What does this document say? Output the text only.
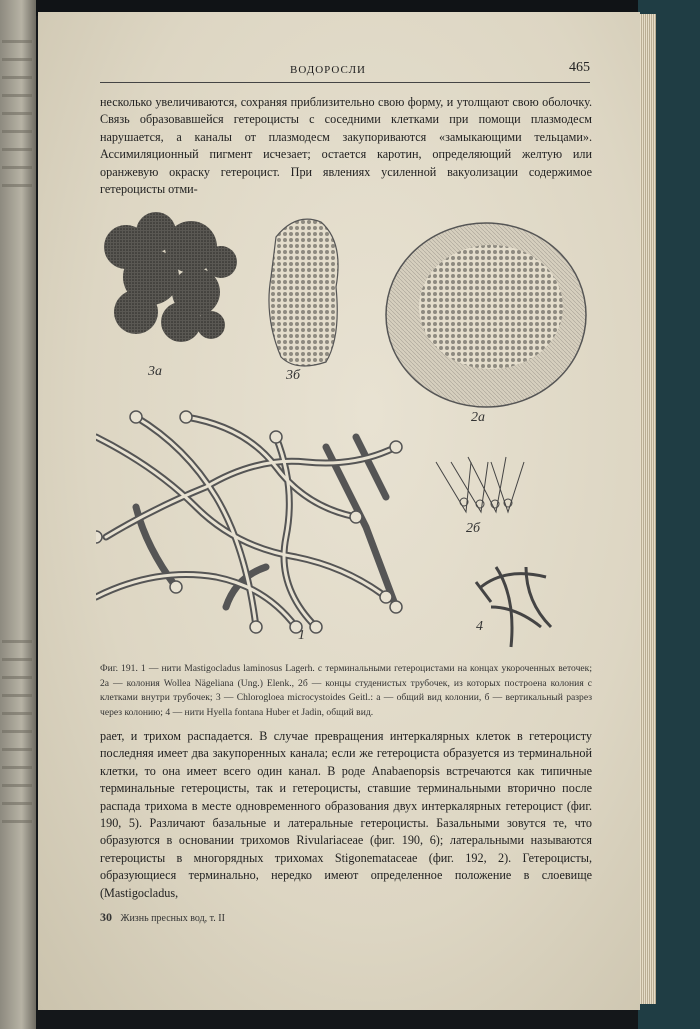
ВОДОРОСЛИ	465

несколько увеличиваются, сохраняя приблизительно свою форму, и утолщают свою оболочку. Связь образовавшейся гетероцисты с соседними клетками при помощи плазмодесм нарушается, а каналы от плазмодесм закупориваются «замыкающими тельцами». Ассимиляционный пигмент исчезает; остается каротин, определяющий желтую или оранжевую окраску гетероцист. При явлениях усиленной вакуолизации содержимое гетероцисты отми-

3а	3б
2а
2б
1
4

Фиг. 191. 1 — нити Mastigocladus laminosus Lagerh. с терминальными гетероцистами на концах укороченных веточек; 2а — колония Wollea Nägeliana (Ung.) Elenk., 2б — концы студенистых трубочек, из которых построена колония с клетками внутри трубочек; 3 — Chlorogloea microcystoides Geitl.: а — общий вид колонии, б — вертикальный разрез через колонию; 4 — нити Hyella fontana Huber et Jadin, общий вид.

рает, и трихом распадается. В случае превращения интеркалярных клеток в гетероцисту последняя имеет два закупоренных канала; если же гетероциста образуется из терминальной клетки, то она имеет всего один канал. В роде Anabaenopsis встречаются как типичные терминальные гетероцисты, так и гетероцисты, ставшие терминальными вторично после распада трихома в месте одновременного образования двух интеркалярных гетероцист (фиг. 190, 5). Различают базальные и латеральные гетероцисты. Базальными зовутся те, что образуются в основании трихомов Rivulariaceae (фиг. 190, 6); латеральными называются гетероцисты в многорядных трихомах Stigonemataceae (фиг. 192, 2). Гетероцисты, образующиеся терминально, нередко имеют определенное положение в слоевище (Mastigocladus,

30 Жизнь пресных вод, т. II
